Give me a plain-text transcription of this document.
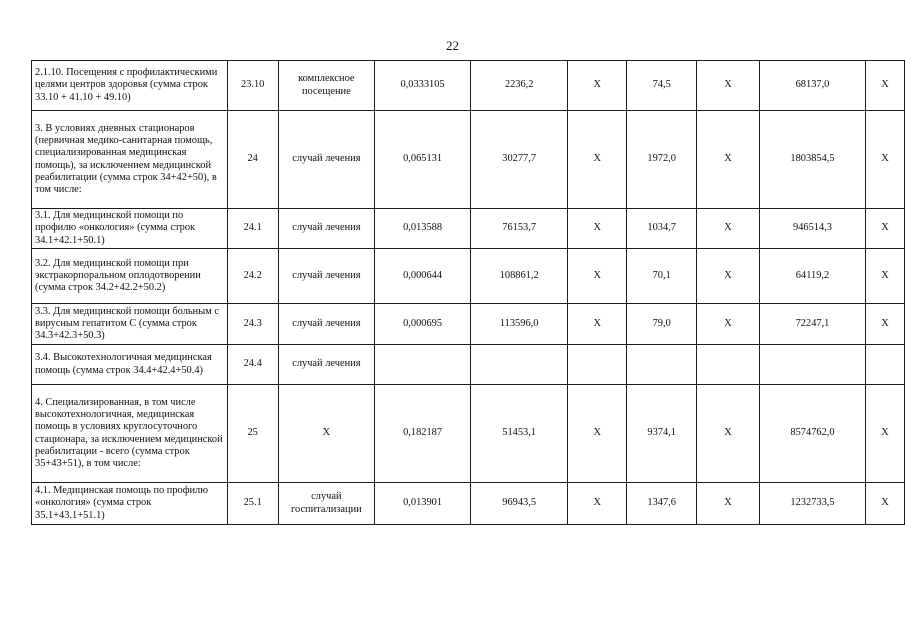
22
2.1.10. Посещения с профилактическими целями центров здоровья (сумма строк 33.10 + 41.10 + 49.10)	23.10	комплексное посещение	0,0333105	2236,2	Х	74,5	Х	68137,0	Х
3. В условиях дневных стационаров (первичная медико-санитарная помощь, специализированная медицинская помощь), за исключением медицинской реабилитации (сумма строк 34+42+50), в том числе:	24	случай лечения	0,065131	30277,7	Х	1972,0	Х	1803854,5	Х
3.1. Для медицинской помощи по профилю «онкология» (сумма строк 34.1+42.1+50.1)	24.1	случай лечения	0,013588	76153,7	Х	1034,7	Х	946514,3	Х
3.2. Для медицинской помощи при экстракорпоральном оплодотворении (сумма строк 34.2+42.2+50.2)	24.2	случай лечения	0,000644	108861,2	Х	70,1	Х	64119,2	Х
3.3. Для медицинской помощи больным с вирусным гепатитом С (сумма строк 34.3+42.3+50.3)	24.3	случай лечения	0,000695	113596,0	Х	79,0	Х	72247,1	Х
3.4. Высокотехнологичная медицинская помощь (сумма строк 34.4+42.4+50.4)	24.4	случай лечения							
4. Специализированная, в том числе высокотехнологичная, медицинская помощь в условиях круглосуточного стационара, за исключением медицинской реабилитации - всего (сумма строк 35+43+51), в том числе:	25	Х	0,182187	51453,1	Х	9374,1	Х	8574762,0	Х
4.1. Медицинская помощь по профилю «онкология» (сумма строк 35.1+43.1+51.1)	25.1	случай госпитализации	0,013901	96943,5	Х	1347,6	Х	1232733,5	Х
